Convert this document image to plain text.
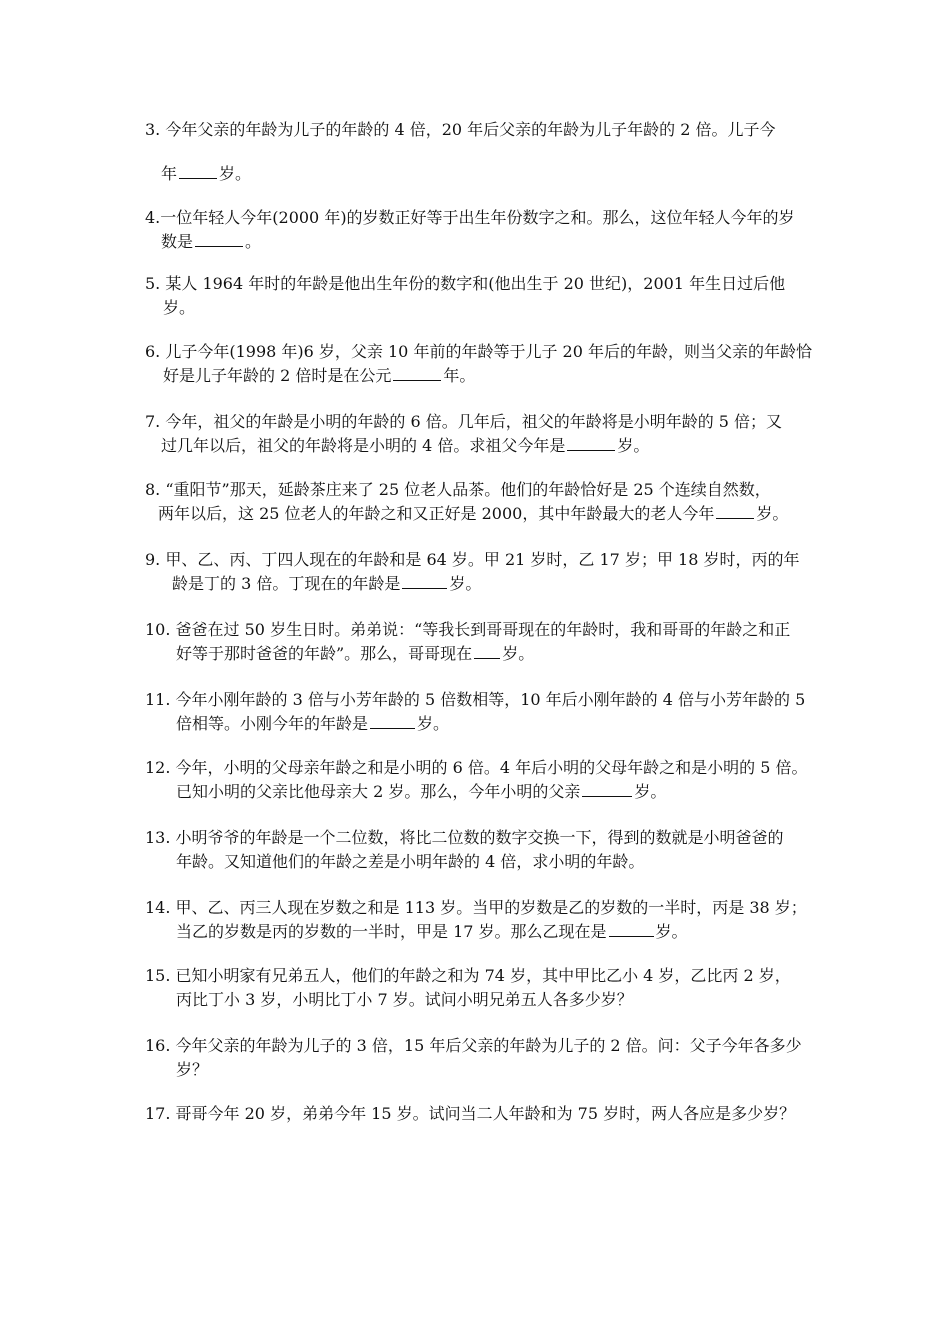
3. 今年父亲的年龄为儿子的年龄的 4 倍，20 年后父亲的年龄为儿子年龄的 2 倍。儿子今
年	岁。
4.一位年轻人今年(2000 年)的岁数正好等于出生年份数字之和。那么，这位年轻人今年的岁
数是	。
5. 某人 1964 年时的年龄是他出生年份的数字和(他出生于 20 世纪)，2001 年生日过后他
岁。
6. 儿子今年(1998 年)6 岁，父亲 10 年前的年龄等于儿子 20 年后的年龄，则当父亲的年龄恰
好是儿子年龄的 2 倍时是在公元	年。
7. 今年，祖父的年龄是小明的年龄的 6 倍。几年后，祖父的年龄将是小明年龄的 5 倍；又
过几年以后，祖父的年龄将是小明的 4 倍。求祖父今年是	岁。
8. “重阳节”那天，延龄茶庄来了 25 位老人品茶。他们的年龄恰好是 25 个连续自然数，
两年以后，这 25 位老人的年龄之和又正好是 2000，其中年龄最大的老人今年	岁。
9. 甲、乙、丙、丁四人现在的年龄和是 64 岁。甲 21 岁时，乙 17 岁；甲 18 岁时，丙的年
龄是丁的 3 倍。丁现在的年龄是	岁。
10. 爸爸在过 50 岁生日时。弟弟说：“等我长到哥哥现在的年龄时，我和哥哥的年龄之和正
好等于那时爸爸的年龄”。那么，哥哥现在 岁。
11. 今年小刚年龄的 3 倍与小芳年龄的 5 倍数相等，10 年后小刚年龄的 4 倍与小芳年龄的 5
倍相等。小刚今年的年龄是	岁。
12. 今年，小明的父母亲年龄之和是小明的 6 倍。4 年后小明的父母年龄之和是小明的 5 倍。
已知小明的父亲比他母亲大 2 岁。那么，今年小明的父亲	岁。
13. 小明爷爷的年龄是一个二位数，将比二位数的数字交换一下，得到的数就是小明爸爸的
年龄。又知道他们的年龄之差是小明年龄的 4 倍，求小明的年龄。
14. 甲、乙、丙三人现在岁数之和是 113 岁。当甲的岁数是乙的岁数的一半时，丙是 38 岁；
当乙的岁数是丙的岁数的一半时，甲是 17 岁。那么乙现在是	岁。
15. 已知小明家有兄弟五人，他们的年龄之和为 74 岁，其中甲比乙小 4 岁，乙比丙 2 岁，
丙比丁小 3 岁，小明比丁小 7 岁。试问小明兄弟五人各多少岁？
16. 今年父亲的年龄为儿子的 3 倍，15 年后父亲的年龄为儿子的 2 倍。问：父子今年各多少
岁？
17. 哥哥今年 20 岁，弟弟今年 15 岁。试问当二人年龄和为 75 岁时，两人各应是多少岁？
